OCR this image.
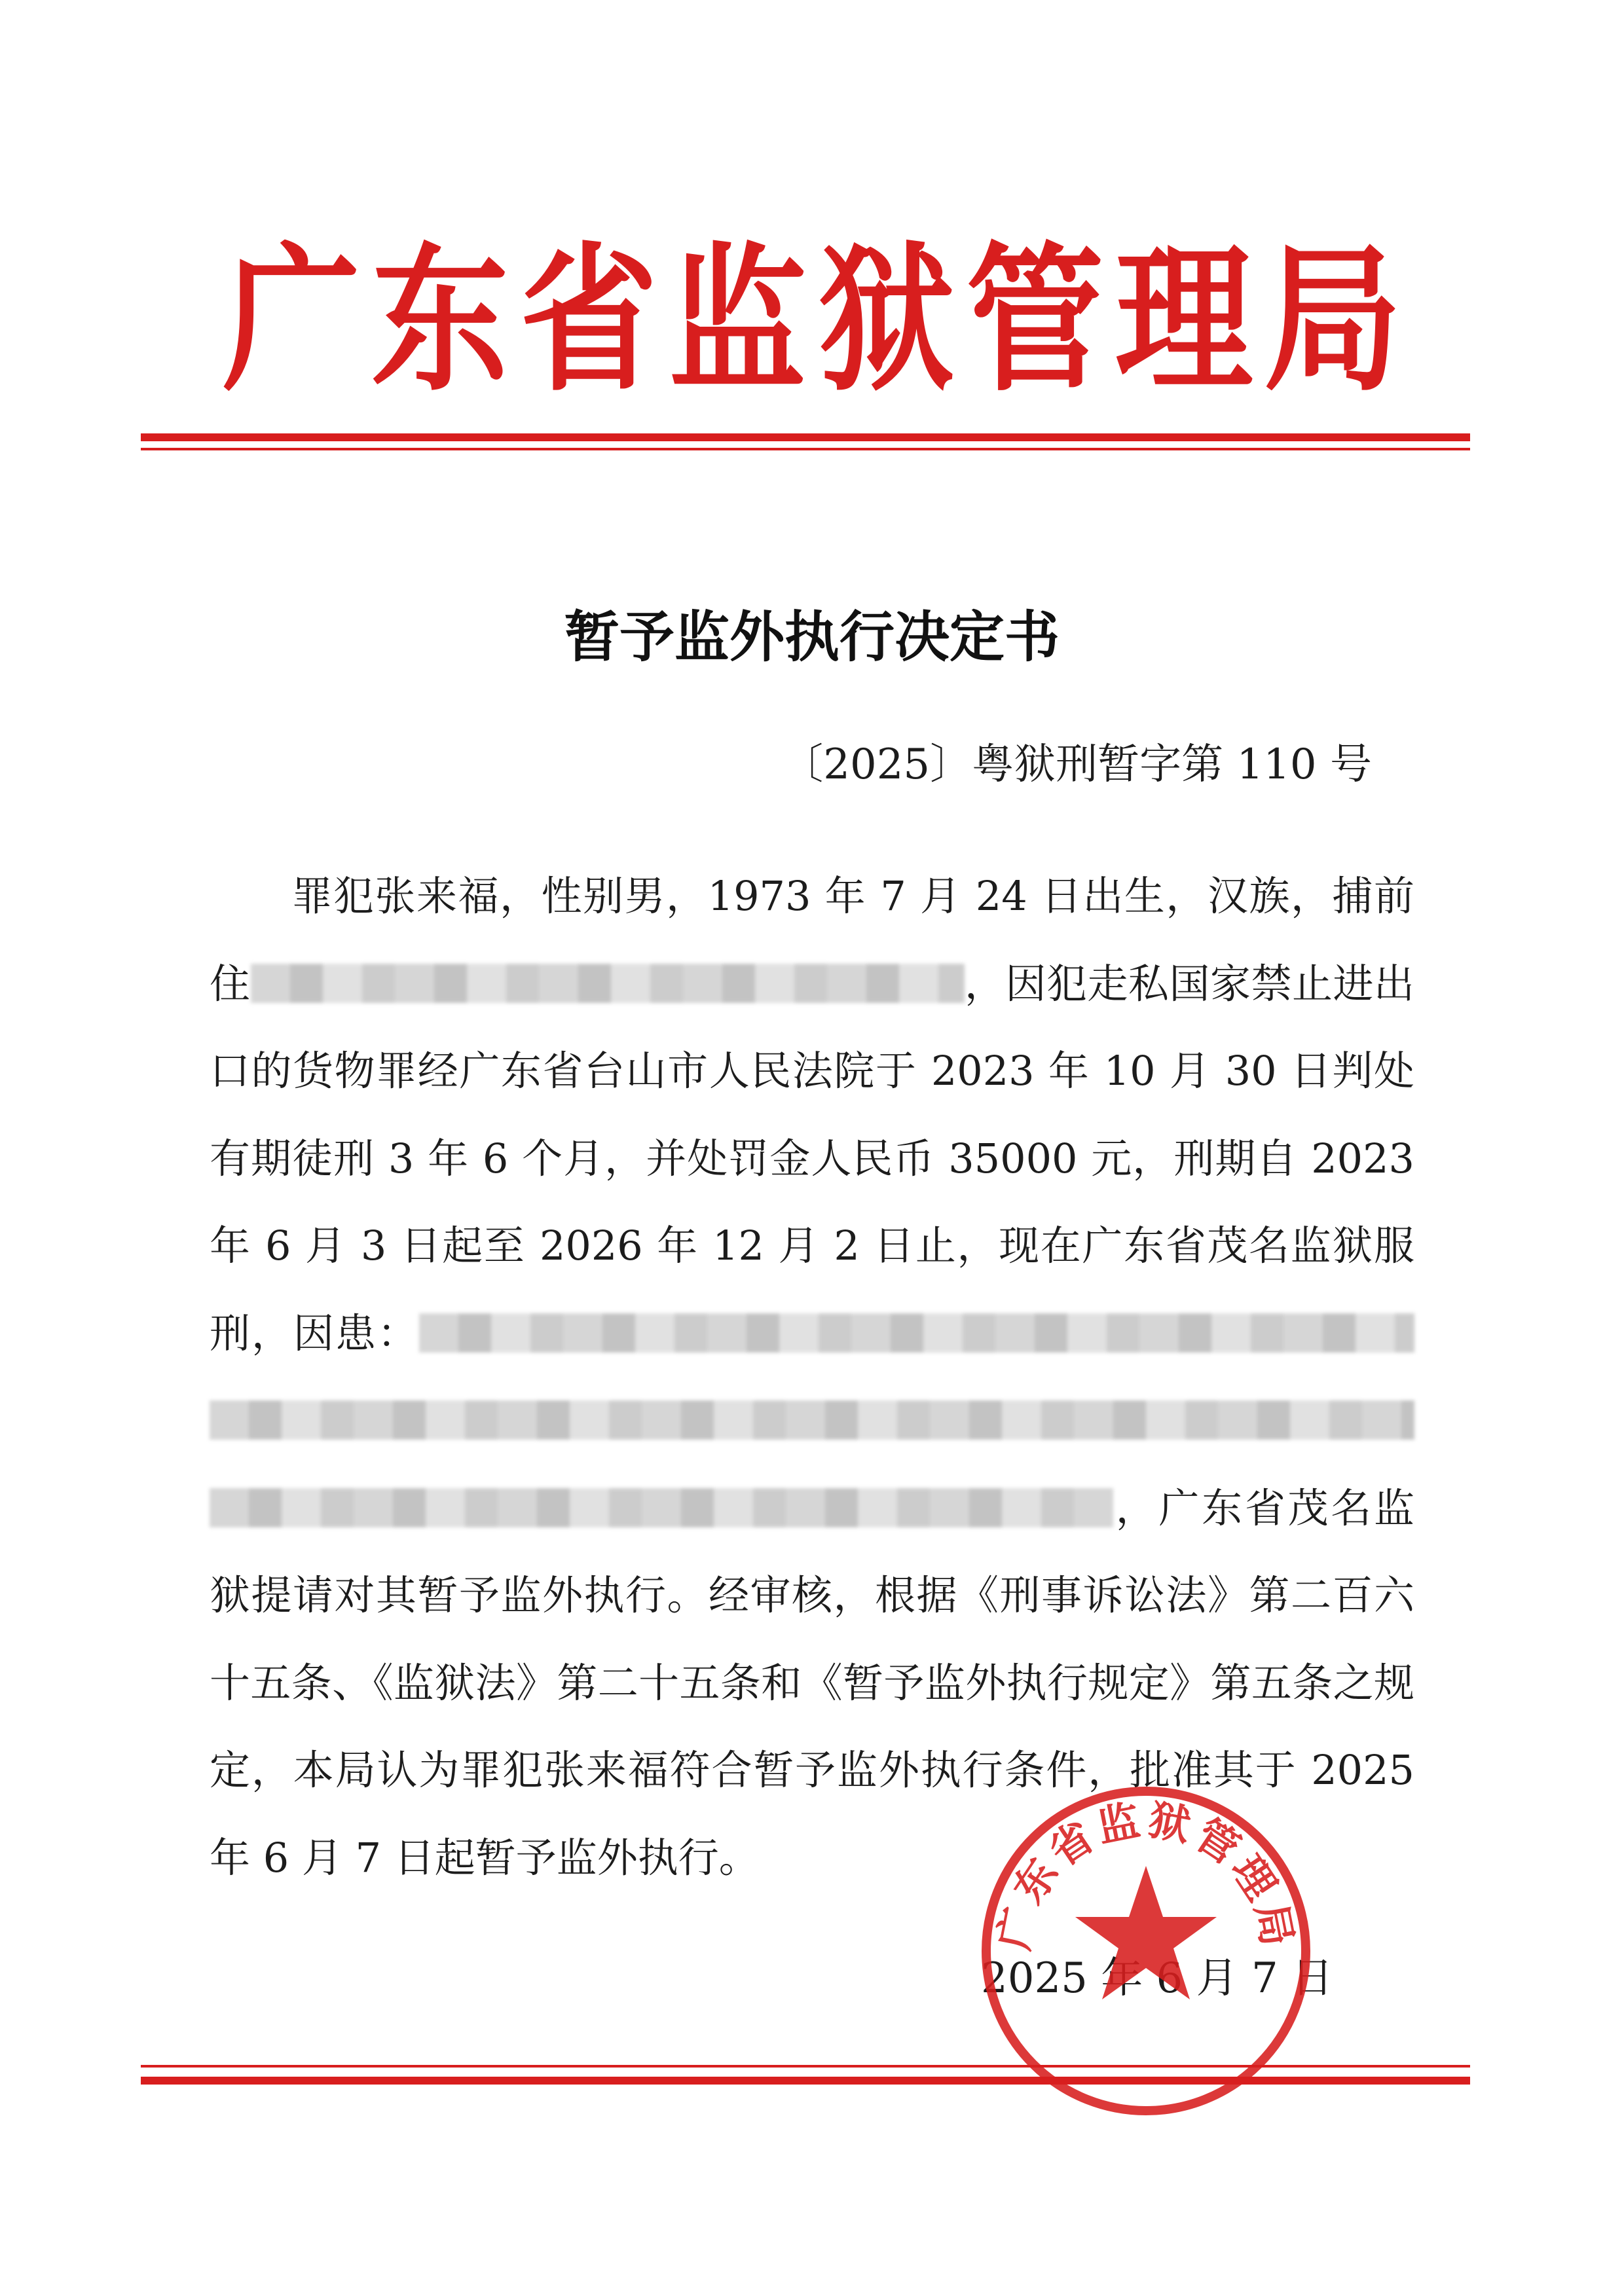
广 东 省 监 狱 管 理 局
暂予监外执行决定书

〔2025〕粤狱刑暂字第 110 号

罪犯张来福，性别男，1973 年 7 月 24 日出生，汉族，捕前住	，因犯走私国家禁止进出口的货物罪经广东省台山市人民法院于 2023 年 10 月 30 日判处有期徒刑 3 年 6 个月，并处罚金人民币 35000 元，刑期自 2023 年 6 月 3 日起至 2026 年 12 月 2 日止，现在广东省茂名监狱服刑，因患：，广东省茂名监狱提请对其暂予监外执行。经审核，根据《刑事诉讼法》第二百六十五条、《监狱法》第二十五条和《暂予监外执行规定》第五条之规定，本局认为罪犯张来福符合暂予监外执行条件，批准其于 2025 年 6 月 7 日起暂予监外执行。

2025 年 6 月 7 日

广东省监狱管理局
